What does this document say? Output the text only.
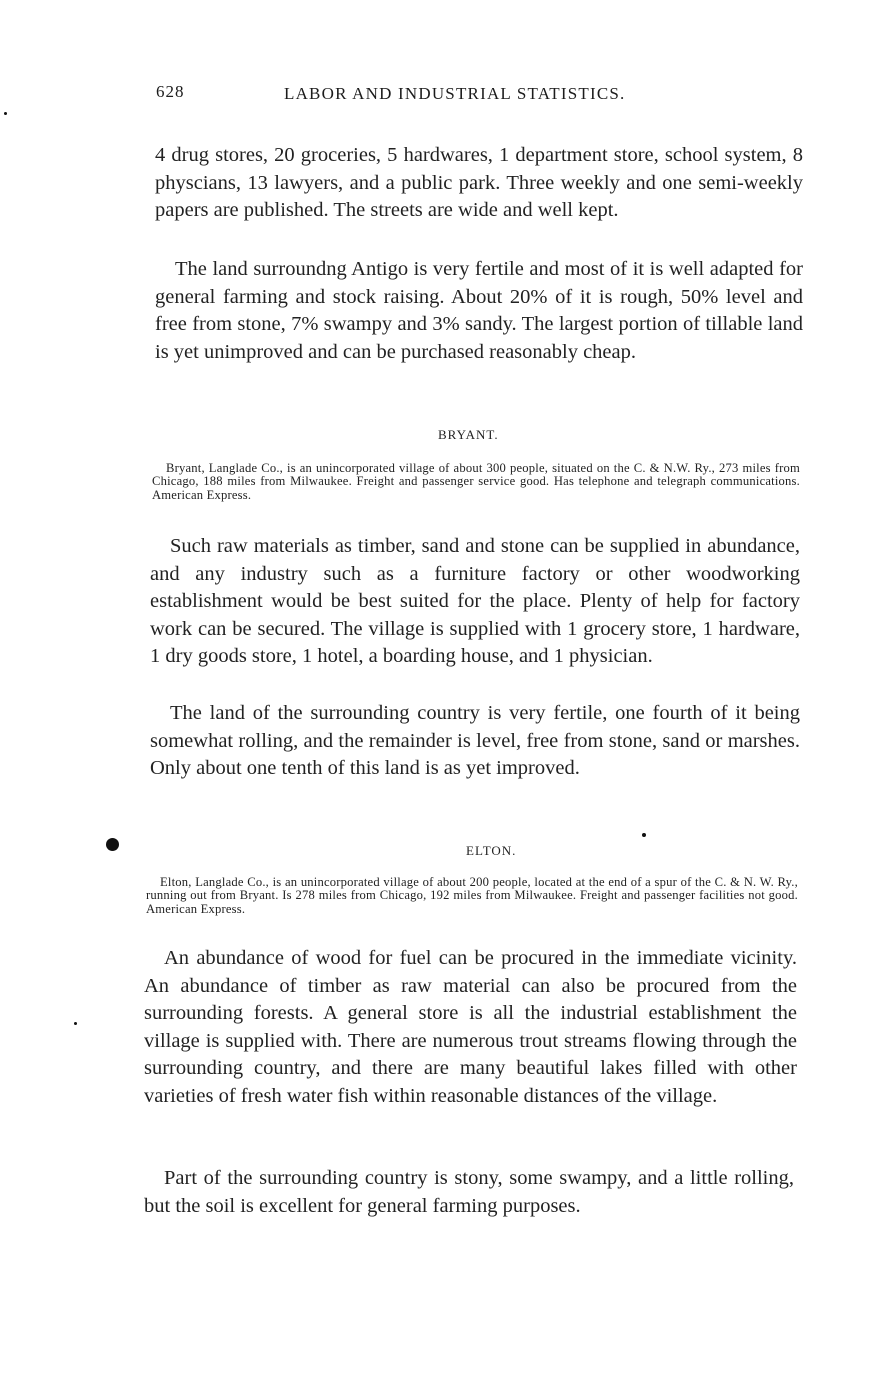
628	LABOR AND INDUSTRIAL STATISTICS.

4 drug stores, 20 groceries, 5 hardwares, 1 department store, school system, 8 physcians, 13 lawyers, and a public park. Three weekly and one semi-weekly papers are published. The streets are wide and well kept.

The land surroundng Antigo is very fertile and most of it is well adapted for general farming and stock raising. About 20% of it is rough, 50% level and free from stone, 7% swampy and 3% sandy. The largest portion of tillable land is yet unimproved and can be purchased reasonably cheap.

BRYANT.

Bryant, Langlade Co., is an unincorporated village of about 300 people, situated on the C. & N.W. Ry., 273 miles from Chicago, 188 miles from Milwaukee. Freight and passenger service good. Has telephone and telegraph communications. American Express.

Such raw materials as timber, sand and stone can be supplied in abundance, and any industry such as a furniture factory or other woodworking establishment would be best suited for the place. Plenty of help for factory work can be secured. The village is supplied with 1 grocery store, 1 hardware, 1 dry goods store, 1 hotel, a boarding house, and 1 physician.

The land of the surrounding country is very fertile, one fourth of it being somewhat rolling, and the remainder is level, free from stone, sand or marshes. Only about one tenth of this land is as yet improved.

ELTON.

Elton, Langlade Co., is an unincorporated village of about 200 people, located at the end of a spur of the C. & N. W. Ry., running out from Bryant. Is 278 miles from Chicago, 192 miles from Milwaukee. Freight and passenger facilities not good. American Express.

An abundance of wood for fuel can be procured in the immediate vicinity. An abundance of timber as raw material can also be procured from the surrounding forests. A general store is all the industrial establishment the village is supplied with. There are numerous trout streams flowing through the surrounding country, and there are many beautiful lakes filled with other varieties of fresh water fish within reasonable distances of the village.

Part of the surrounding country is stony, some swampy, and a little rolling, but the soil is excellent for general farming purposes.
